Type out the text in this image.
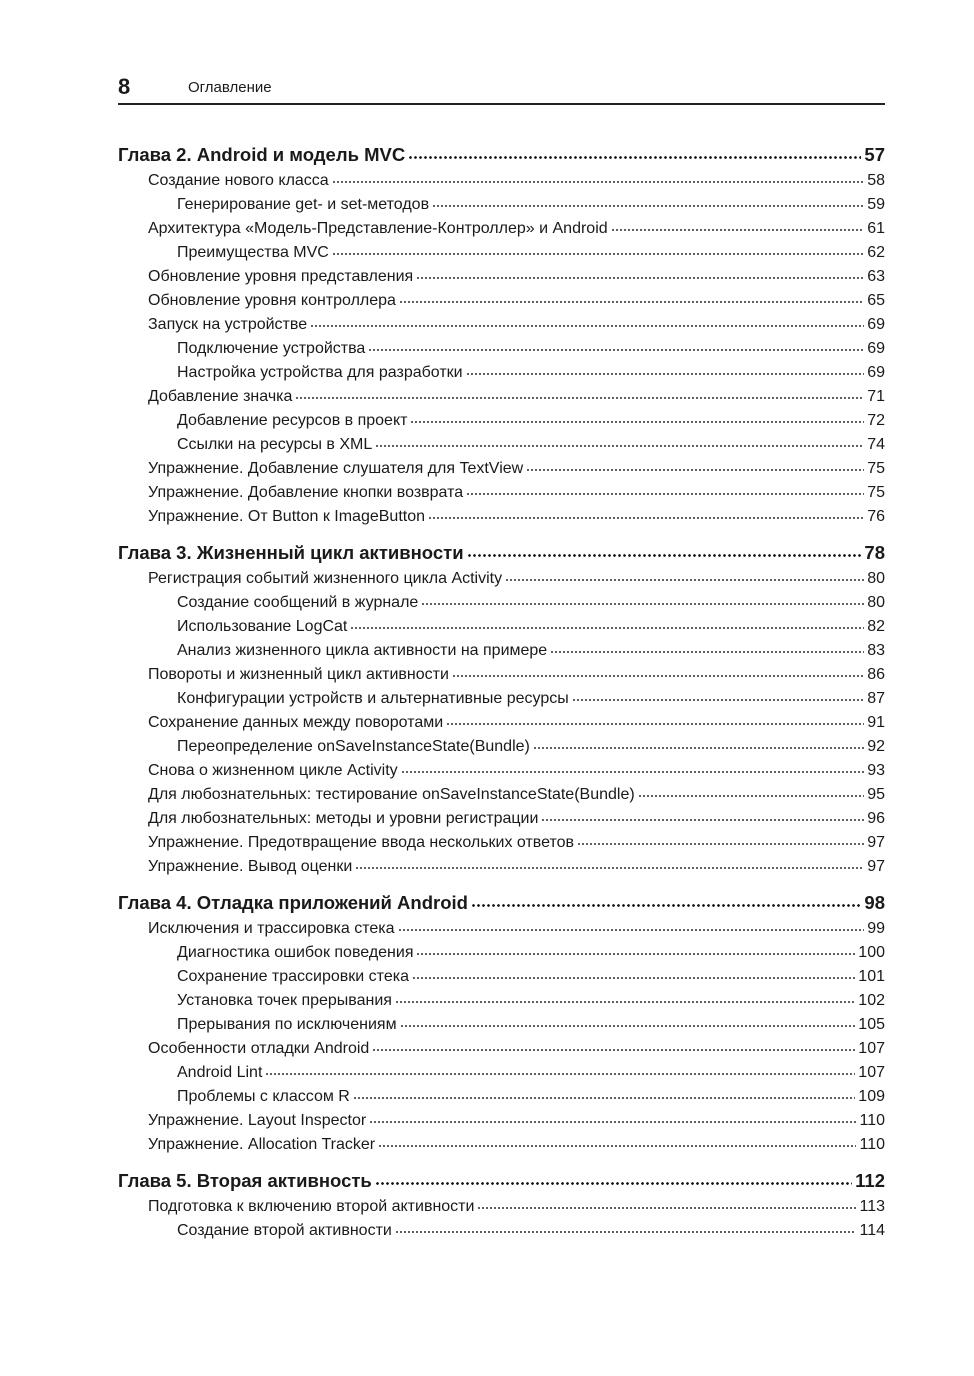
8	Оглавление
Глава 2. Android и модель MVC	57
Создание нового класса	58
Генерирование get- и set-методов	59
Архитектура «Модель-Представление-Контроллер» и Android	61
Преимущества MVC	62
Обновление уровня представления	63
Обновление уровня контроллера	65
Запуск на устройстве	69
Подключение устройства	69
Настройка устройства для разработки	69
Добавление значка	71
Добавление ресурсов в проект	72
Ссылки на ресурсы в XML	74
Упражнение. Добавление слушателя для TextView	75
Упражнение. Добавление кнопки возврата	75
Упражнение. От Button к ImageButton	76
Глава 3. Жизненный цикл активности	78
Регистрация событий жизненного цикла Activity	80
Создание сообщений в журнале	80
Использование LogCat	82
Анализ жизненного цикла активности на примере	83
Повороты и жизненный цикл активности	86
Конфигурации устройств и альтернативные ресурсы	87
Сохранение данных между поворотами	91
Переопределение onSaveInstanceState(Bundle)	92
Снова о жизненном цикле Activity	93
Для любознательных: тестирование onSaveInstanceState(Bundle)	95
Для любознательных: методы и уровни регистрации	96
Упражнение. Предотвращение ввода нескольких ответов	97
Упражнение. Вывод оценки	97
Глава 4. Отладка приложений Android	98
Исключения и трассировка стека	99
Диагностика ошибок поведения	100
Сохранение трассировки стека	101
Установка точек прерывания	102
Прерывания по исключениям	105
Особенности отладки Android	107
Android Lint	107
Проблемы с классом R	109
Упражнение. Layout Inspector	110
Упражнение. Allocation Tracker	110
Глава 5. Вторая активность	112
Подготовка к включению второй активности	113
Создание второй активности	114
